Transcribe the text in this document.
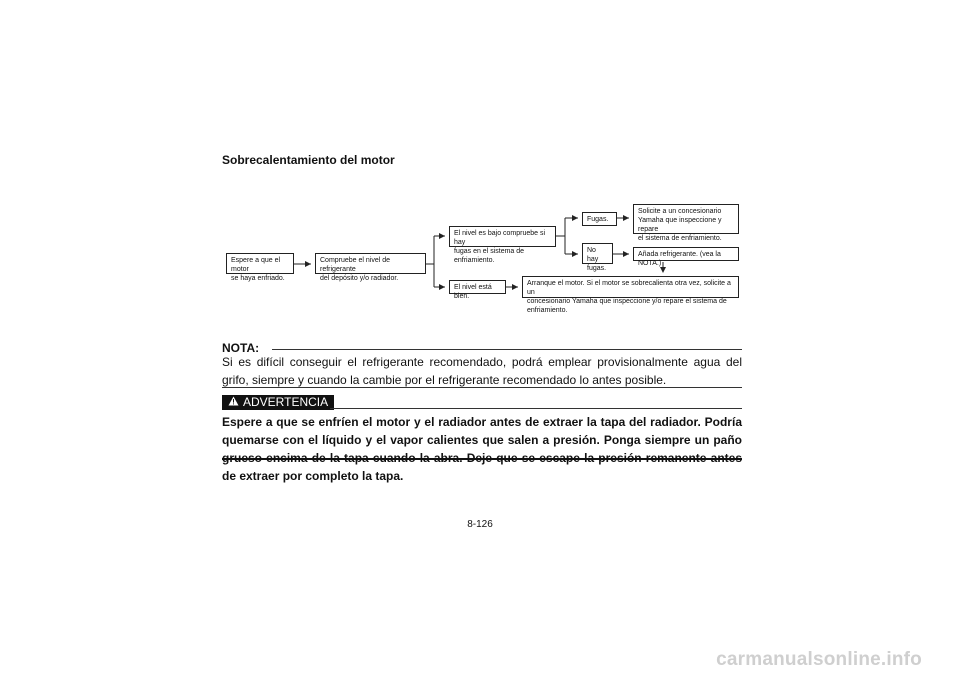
Sobrecalentamiento del motor
Espere a que el motor
se haya enfriado.
Compruebe el nivel de refrigerante
del depósito y/o radiador.
El nivel es bajo compruebe si hay
fugas en el sistema de enfriamiento.
El nivel está bien.
Fugas.
No hay
fugas.
Solicite a un concesionario
Yamaha que inspeccione y repare
el sistema de enfriamiento.
Añada refrigerante. (vea la NOTA.)
Arranque el motor. Si el motor se sobrecalienta otra vez, solicite a un
concesionario Yamaha que inspeccione y/o repare el sistema de enfriamiento.
NOTA:
Si es difícil conseguir el refrigerante recomendado, podrá emplear provisionalmente agua del grifo, siempre y cuando la cambie por el refrigerante recomendado lo antes posible.
ADVERTENCIA
Espere a que se enfríen el motor y el radiador antes de extraer la tapa del radiador. Podría quemarse con el líquido y el vapor calientes que salen a presión. Ponga siempre un paño de extraer por completo la tapa.
8-126
carmanualsonline.info
